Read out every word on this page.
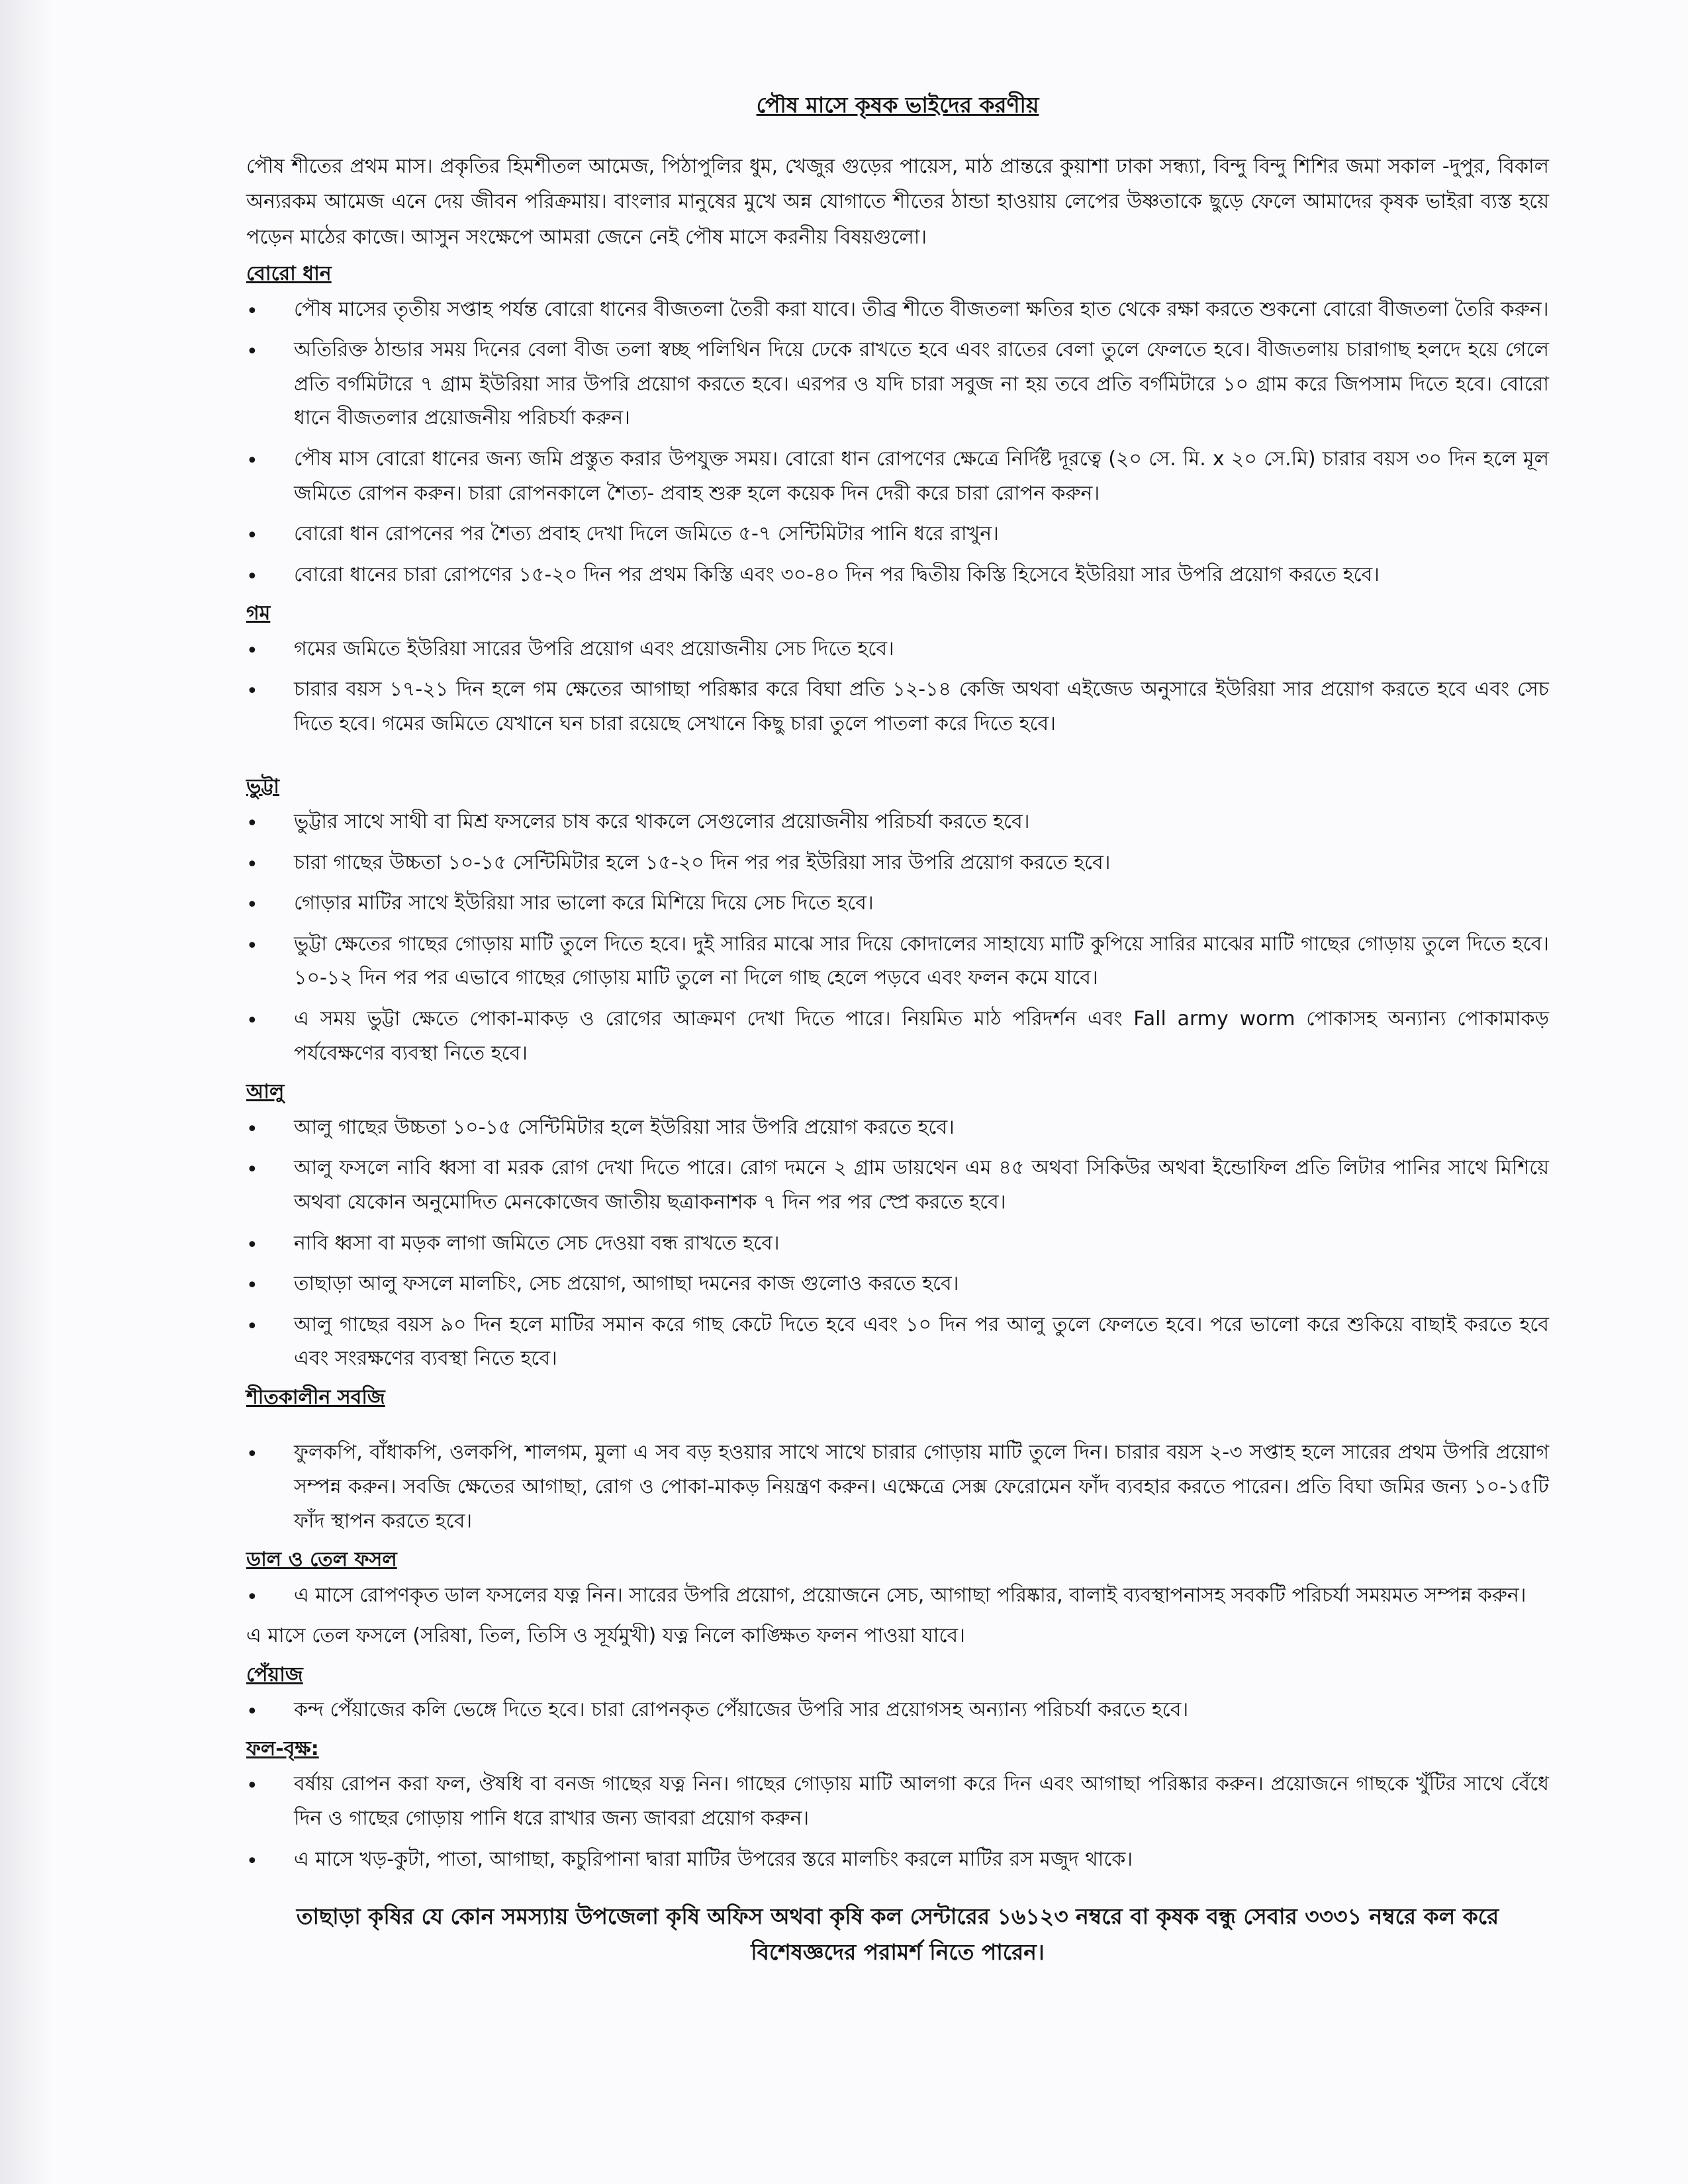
পৌষ মাসে কৃষক ভাইদের করণীয়

পৌষ শীতের প্রথম মাস। প্রকৃতির হিমশীতল আমেজ, পিঠাপুলির ধুম, খেজুর গুড়ের পায়েস, মাঠ প্রান্তরে কুয়াশা ঢাকা সন্ধ্যা, বিন্দু বিন্দু শিশির জমা সকাল -দুপুর, বিকাল অন্যরকম আমেজ এনে দেয় জীবন পরিক্রমায়। বাংলার মানুষের মুখে অন্ন যোগাতে শীতের ঠান্ডা হাওয়ায় লেপের উষ্ণতাকে ছুড়ে ফেলে আমাদের কৃষক ভাইরা ব্যস্ত হয়ে পড়েন মাঠের কাজে। আসুন সংক্ষেপে আমরা জেনে নেই পৌষ মাসে করনীয় বিষয়গুলো।

বোরো ধান
• পৌষ মাসের তৃতীয় সপ্তাহ পর্যন্ত বোরো ধানের বীজতলা তৈরী করা যাবে। তীব্র শীতে বীজতলা ক্ষতির হাত থেকে রক্ষা করতে শুকনো বোরো বীজতলা তৈরি করুন।
• অতিরিক্ত ঠান্ডার সময় দিনের বেলা বীজ তলা স্বচ্ছ পলিথিন দিয়ে ঢেকে রাখতে হবে এবং রাতের বেলা তুলে ফেলতে হবে। বীজতলায় চারাগাছ হলদে হয়ে গেলে প্রতি বর্গমিটারে ৭ গ্রাম ইউরিয়া সার উপরি প্রয়োগ করতে হবে। এরপর ও যদি চারা সবুজ না হয় তবে প্রতি বর্গমিটারে ১০ গ্রাম করে জিপসাম দিতে হবে। বোরো ধানে বীজতলার প্রয়োজনীয় পরিচর্যা করুন।
• পৌষ মাস বোরো ধানের জন্য জমি প্রস্তুত করার উপযুক্ত সময়। বোরো ধান রোপণের ক্ষেত্রে নির্দিষ্ট দূরত্বে (২০ সে. মি. x ২০ সে.মি) চারার বয়স ৩০ দিন হলে মূল জমিতে রোপন করুন। চারা রোপনকালে শৈত্য- প্রবাহ শুরু হলে কয়েক দিন দেরী করে চারা রোপন করুন।
• বোরো ধান রোপনের পর শৈত্য প্রবাহ দেখা দিলে জমিতে ৫-৭ সেন্টিমিটার পানি ধরে রাখুন।
• বোরো ধানের চারা রোপণের ১৫-২০ দিন পর প্রথম কিস্তি এবং ৩০-৪০ দিন পর দ্বিতীয় কিস্তি হিসেবে ইউরিয়া সার উপরি প্রয়োগ করতে হবে।
গম
• গমের জমিতে ইউরিয়া সারের উপরি প্রয়োগ এবং প্রয়োজনীয় সেচ দিতে হবে।
• চারার বয়স ১৭-২১ দিন হলে গম ক্ষেতের আগাছা পরিষ্কার করে বিঘা প্রতি ১২-১৪ কেজি অথবা এইজেড অনুসারে ইউরিয়া সার প্রয়োগ করতে হবে এবং সেচ দিতে হবে। গমের জমিতে যেখানে ঘন চারা রয়েছে সেখানে কিছু চারা তুলে পাতলা করে দিতে হবে।
ভুট্টা
• ভুট্টার সাথে সাথী বা মিশ্র ফসলের চাষ করে থাকলে সেগুলোর প্রয়োজনীয় পরিচর্যা করতে হবে।
• চারা গাছের উচ্চতা ১০-১৫ সেন্টিমিটার হলে ১৫-২০ দিন পর পর ইউরিয়া সার উপরি প্রয়োগ করতে হবে।
• গোড়ার মাটির সাথে ইউরিয়া সার ভালো করে মিশিয়ে দিয়ে সেচ দিতে হবে।
• ভুট্টা ক্ষেতের গাছের গোড়ায় মাটি তুলে দিতে হবে। দুই সারির মাঝে সার দিয়ে কোদালের সাহায্যে মাটি কুপিয়ে সারির মাঝের মাটি গাছের গোড়ায় তুলে দিতে হবে। ১০-১২ দিন পর পর এভাবে গাছের গোড়ায় মাটি তুলে না দিলে গাছ হেলে পড়বে এবং ফলন কমে যাবে।
• এ সময় ভুট্টা ক্ষেতে পোকা-মাকড় ও রোগের আক্রমণ দেখা দিতে পারে। নিয়মিত মাঠ পরিদর্শন এবং Fall army worm পোকাসহ অন্যান্য পোকামাকড় পর্যবেক্ষণের ব্যবস্থা নিতে হবে।
আলু
• আলু গাছের উচ্চতা ১০-১৫ সেন্টিমিটার হলে ইউরিয়া সার উপরি প্রয়োগ করতে হবে।
• আলু ফসলে নাবি ধ্বসা বা মরক রোগ দেখা দিতে পারে। রোগ দমনে ২ গ্রাম ডায়থেন এম ৪৫ অথবা সিকিউর অথবা ইন্ডোফিল প্রতি লিটার পানির সাথে মিশিয়ে অথবা যেকোন অনুমোদিত মেনকোজেব জাতীয় ছত্রাকনাশক ৭ দিন পর পর স্প্রে করতে হবে।
• নাবি ধ্বসা বা মড়ক লাগা জমিতে সেচ দেওয়া বন্ধ রাখতে হবে।
• তাছাড়া আলু ফসলে মালচিং, সেচ প্রয়োগ, আগাছা দমনের কাজ গুলোও করতে হবে।
• আলু গাছের বয়স ৯০ দিন হলে মাটির সমান করে গাছ কেটে দিতে হবে এবং ১০ দিন পর আলু তুলে ফেলতে হবে। পরে ভালো করে শুকিয়ে বাছাই করতে হবে এবং সংরক্ষণের ব্যবস্থা নিতে হবে।
শীতকালীন সবজি
• ফুলকপি, বাঁধাকপি, ওলকপি, শালগম, মুলা এ সব বড় হওয়ার সাথে সাথে চারার গোড়ায় মাটি তুলে দিন। চারার বয়স ২-৩ সপ্তাহ হলে সারের প্রথম উপরি প্রয়োগ সম্পন্ন করুন। সবজি ক্ষেতের আগাছা, রোগ ও পোকা-মাকড় নিয়ন্ত্রণ করুন। এক্ষেত্রে সেক্স ফেরোমেন ফাঁদ ব্যবহার করতে পারেন। প্রতি বিঘা জমির জন্য ১০-১৫টি ফাঁদ স্থাপন করতে হবে।
ডাল ও তেল ফসল
• এ মাসে রোপণকৃত ডাল ফসলের যত্ন নিন। সারের উপরি প্রয়োগ, প্রয়োজনে সেচ, আগাছা পরিষ্কার, বালাই ব্যবস্থাপনাসহ সবকটি পরিচর্যা সময়মত সম্পন্ন করুন।

এ মাসে তেল ফসলে (সরিষা, তিল, তিসি ও সূর্যমুখী) যত্ন নিলে কাঙ্ক্ষিত ফলন পাওয়া যাবে।

পেঁয়াজ
• কন্দ পেঁয়াজের কলি ভেঙ্গে দিতে হবে। চারা রোপনকৃত পেঁয়াজের উপরি সার প্রয়োগসহ অন্যান্য পরিচর্যা করতে হবে।
ফল-বৃক্ষ:
• বর্ষায় রোপন করা ফল, ঔষধি বা বনজ গাছের যত্ন নিন। গাছের গোড়ায় মাটি আলগা করে দিন এবং আগাছা পরিষ্কার করুন। প্রয়োজনে গাছকে খুঁটির সাথে বেঁধে দিন ও গাছের গোড়ায় পানি ধরে রাখার জন্য জাবরা প্রয়োগ করুন।
• এ মাসে খড়-কুটা, পাতা, আগাছা, কচুরিপানা দ্বারা মাটির উপরের স্তরে মালচিং করলে মাটির রস মজুদ থাকে।

তাছাড়া কৃষির যে কোন সমস্যায় উপজেলা কৃষি অফিস অথবা কৃষি কল সেন্টারের ১৬১২৩ নম্বরে বা কৃষক বন্ধু সেবার ৩৩৩১ নম্বরে কল করে বিশেষজ্ঞদের পরামর্শ নিতে পারেন।
